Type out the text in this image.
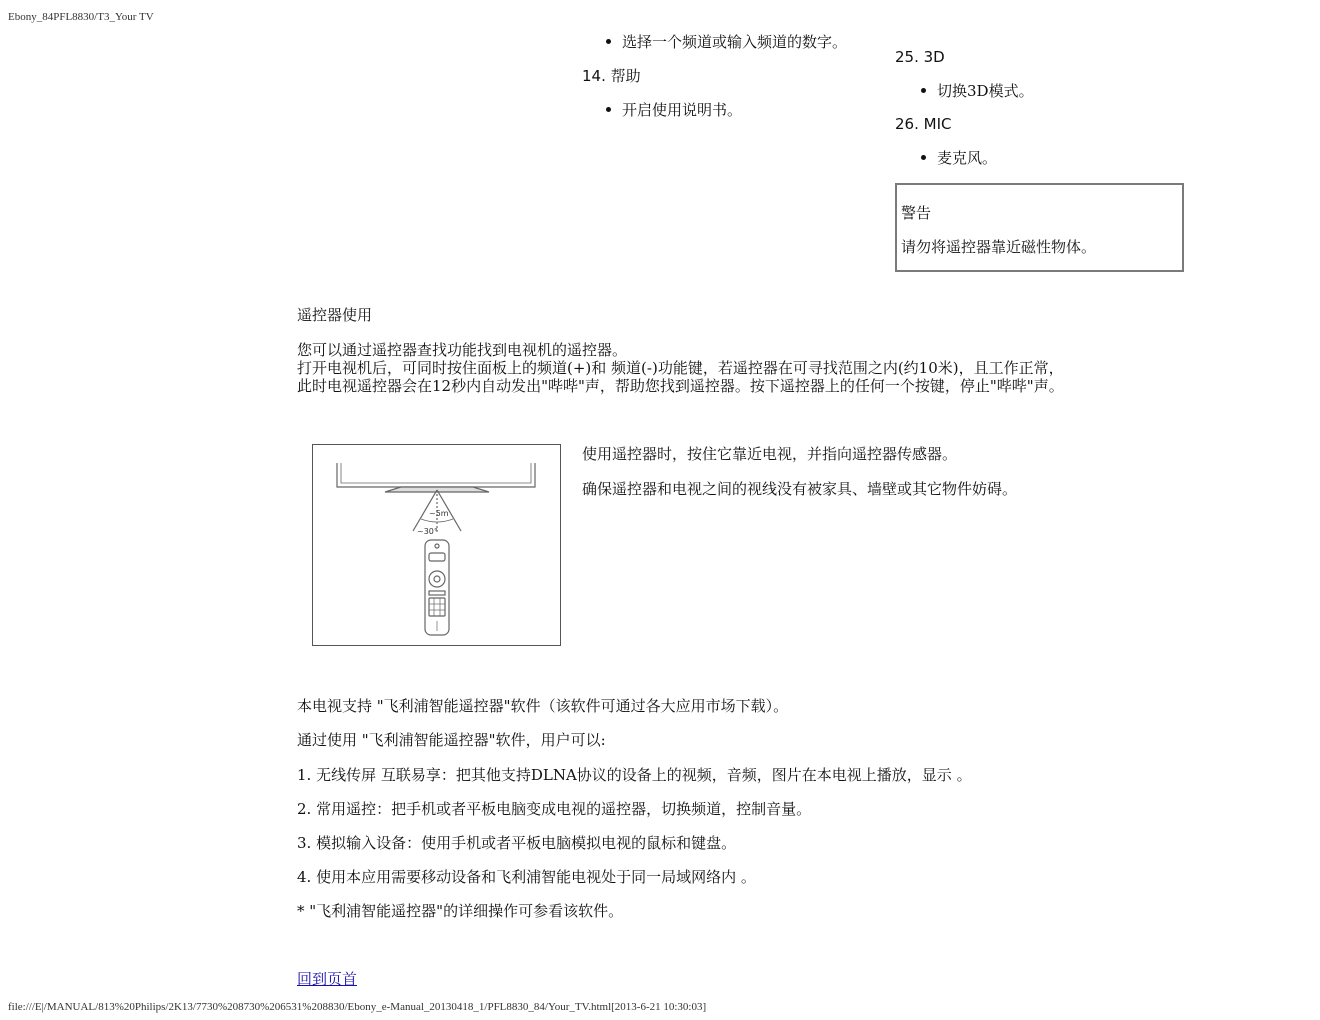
Ebony_84PFL8830/T3_Your TV
选择一个频道或输入频道的数字。
14. 帮助
开启使用说明书。
25. 3D
切换3D模式。
26. MIC
麦克风。
警告
请勿将遥控器靠近磁性物体。
遥控器使用
您可以通过遥控器查找功能找到电视机的遥控器。
打开电视机后，可同时按住面板上的频道(+)和 频道(-)功能键，若遥控器在可寻找范围之内(约10米)，且工作正常，
此时电视遥控器会在12秒内自动发出"哔哔"声，帮助您找到遥控器。按下遥控器上的任何一个按键，停止"哔哔"声。
~5m
~30°
使用遥控器时，按住它靠近电视，并指向遥控器传感器。
确保遥控器和电视之间的视线没有被家具、墙壁或其它物件妨碍。
本电视支持 "飞利浦智能遥控器"软件（该软件可通过各大应用市场下载）。
通过使用 "飞利浦智能遥控器"软件，用户可以:
1. 无线传屏 互联易享：把其他支持DLNA协议的设备上的视频，音频，图片在本电视上播放，显示 。
2. 常用遥控：把手机或者平板电脑变成电视的遥控器，切换频道，控制音量。
3. 模拟输入设备：使用手机或者平板电脑模拟电视的鼠标和键盘。
4. 使用本应用需要移动设备和飞利浦智能电视处于同一局域网络内 。
* "飞利浦智能遥控器"的详细操作可参看该软件。
回到页首
file:///E|/MANUAL/813%20Philips/2K13/7730%208730%206531%208830/Ebony_e-Manual_20130418_1/PFL8830_84/Your_TV.html[2013-6-21 10:30:03]
